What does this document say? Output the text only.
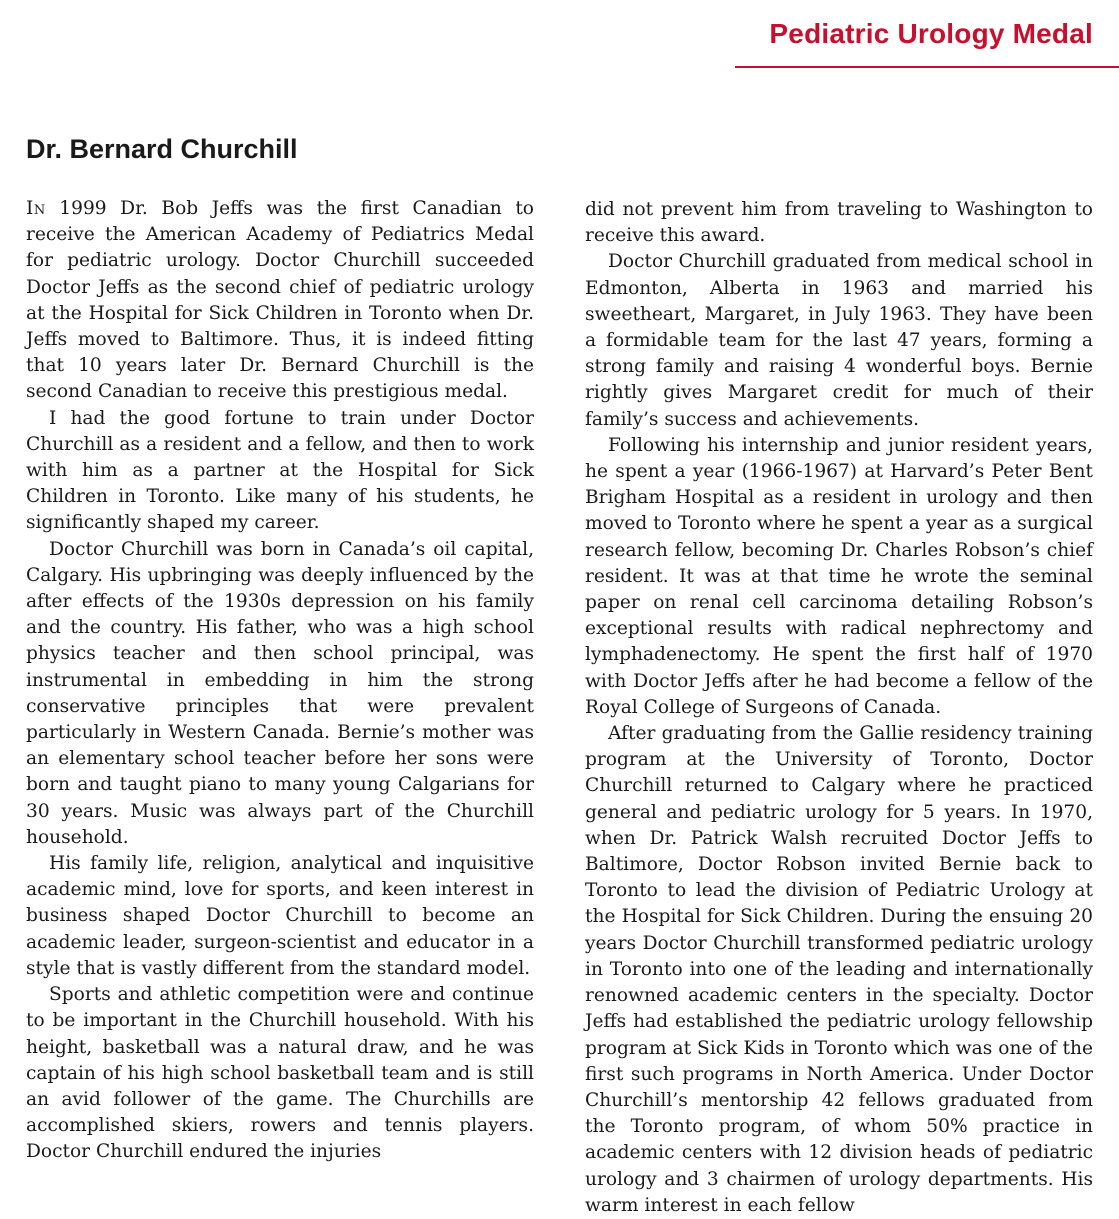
Pediatric Urology Medal
Dr. Bernard Churchill

In 1999 Dr. Bob Jeffs was the first Canadian to receive the American Academy of Pediatrics Medal for pediatric urology. Doctor Churchill succeeded Doctor Jeffs as the second chief of pediatric urology at the Hospital for Sick Children in Toronto when Dr. Jeffs moved to Baltimore. Thus, it is indeed fitting that 10 years later Dr. Bernard Churchill is the second Canadian to receive this prestigious medal.

I had the good fortune to train under Doctor Churchill as a resident and a fellow, and then to work with him as a partner at the Hospital for Sick Children in Toronto. Like many of his students, he significantly shaped my career.

Doctor Churchill was born in Canada’s oil capital, Calgary. His upbringing was deeply influenced by the after effects of the 1930s depression on his family and the country. His father, who was a high school physics teacher and then school principal, was instrumental in embedding in him the strong conservative principles that were prevalent particularly in Western Canada. Bernie’s mother was an elementary school teacher before her sons were born and taught piano to many young Calgarians for 30 years. Music was always part of the Churchill household.

His family life, religion, analytical and inquisitive academic mind, love for sports, and keen interest in business shaped Doctor Churchill to become an academic leader, surgeon-scientist and educator in a style that is vastly different from the standard model.

Sports and athletic competition were and continue to be important in the Churchill household. With his height, basketball was a natural draw, and he was captain of his high school basketball team and is still an avid follower of the game. The Churchills are accomplished skiers, rowers and tennis players. Doctor Churchill endured the injuries

did not prevent him from traveling to Washington to receive this award.

Doctor Churchill graduated from medical school in Edmonton, Alberta in 1963 and married his sweetheart, Margaret, in July 1963. They have been a formidable team for the last 47 years, forming a strong family and raising 4 wonderful boys. Bernie rightly gives Margaret credit for much of their family’s success and achievements.

Following his internship and junior resident years, he spent a year (1966-1967) at Harvard’s Peter Bent Brigham Hospital as a resident in urology and then moved to Toronto where he spent a year as a surgical research fellow, becoming Dr. Charles Robson’s chief resident. It was at that time he wrote the seminal paper on renal cell carcinoma detailing Robson’s exceptional results with radical nephrectomy and lymphadenectomy. He spent the first half of 1970 with Doctor Jeffs after he had become a fellow of the Royal College of Surgeons of Canada.

After graduating from the Gallie residency training program at the University of Toronto, Doctor Churchill returned to Calgary where he practiced general and pediatric urology for 5 years. In 1970, when Dr. Patrick Walsh recruited Doctor Jeffs to Baltimore, Doctor Robson invited Bernie back to Toronto to lead the division of Pediatric Urology at the Hospital for Sick Children. During the ensuing 20 years Doctor Churchill transformed pediatric urology in Toronto into one of the leading and internationally renowned academic centers in the specialty. Doctor Jeffs had established the pediatric urology fellowship program at Sick Kids in Toronto which was one of the first such programs in North America. Under Doctor Churchill’s mentorship 42 fellows graduated from the Toronto program, of whom 50% practice in academic centers with 12 division heads of pediatric urology and 3 chairmen of urology departments. His warm interest in each fellow
